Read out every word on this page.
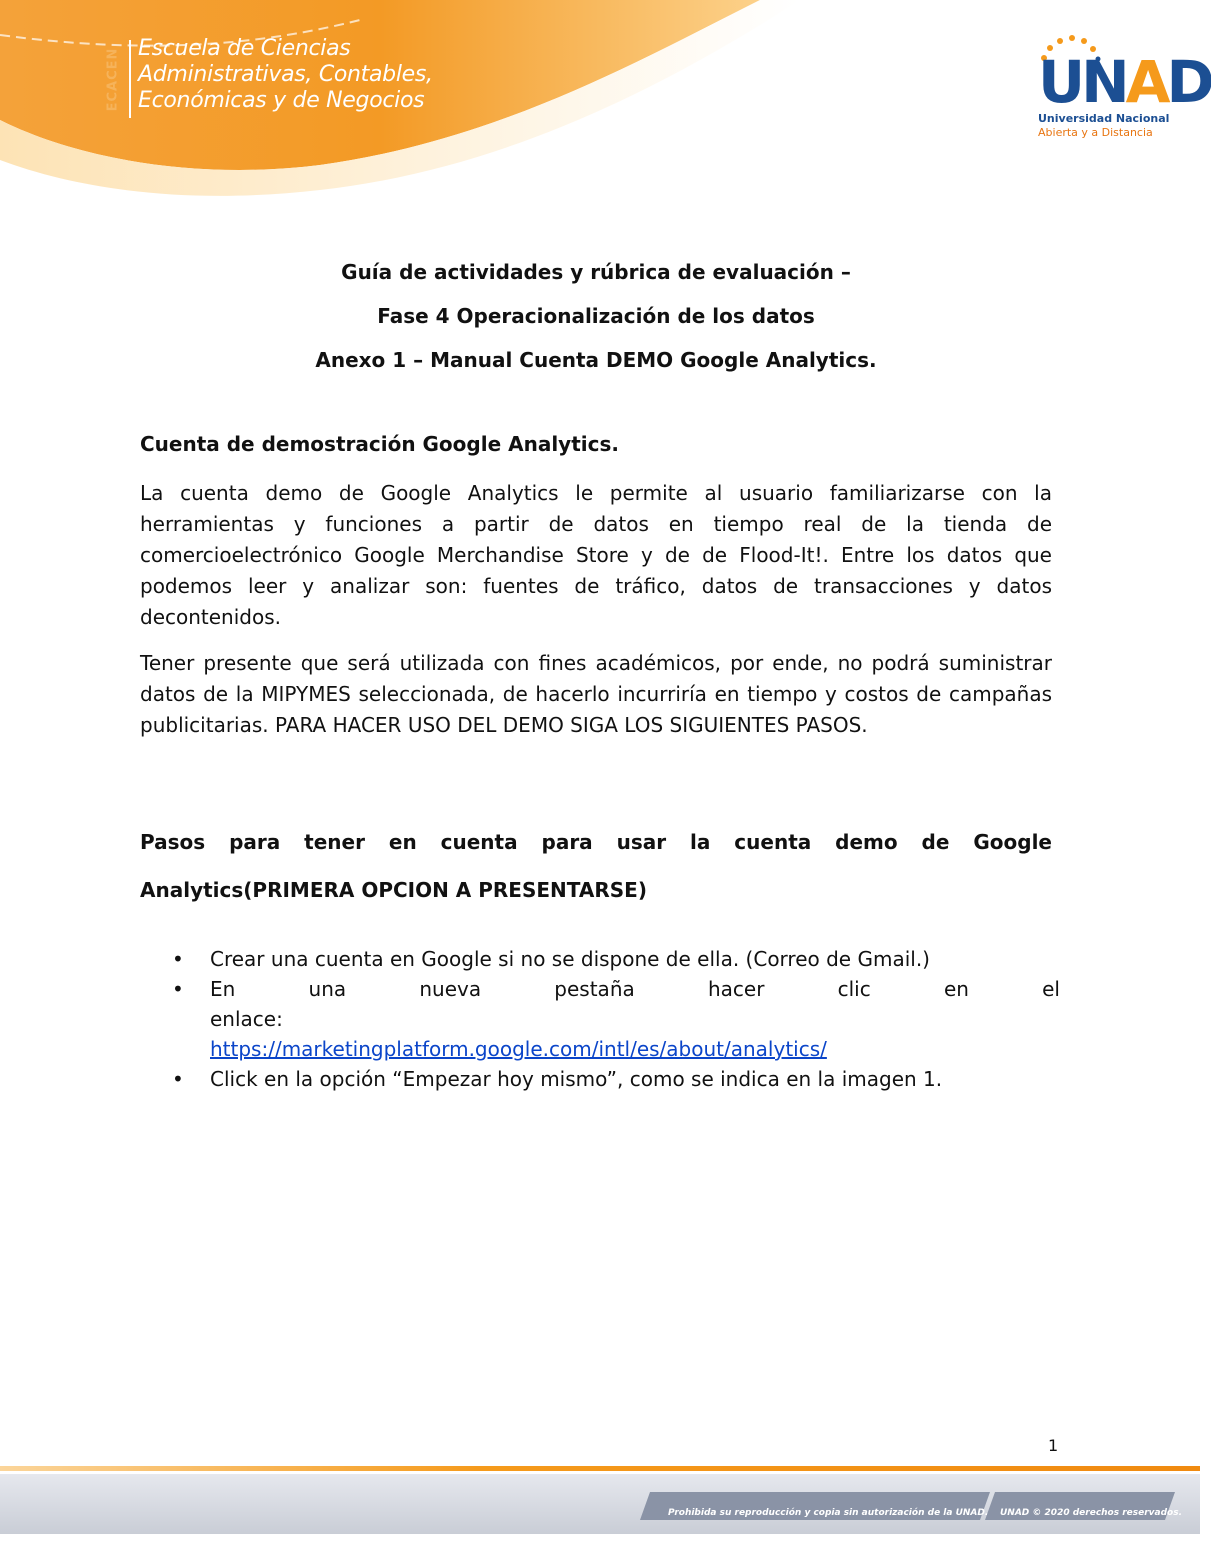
ECACEN Escuela de Ciencias
Administrativas, Contables,
Económicas y de Negocios	UNAD
Universidad Nacional
Abierta y a Distancia
Guía de actividades y rúbrica de evaluación –
Fase 4 Operacionalización de los datos
Anexo 1 – Manual Cuenta DEMO Google Analytics.
Cuenta de demostración Google Analytics.

La cuenta demo de Google Analytics le permite al usuario familiarizarse con la herramientas y funciones a partir de datos en tiempo real de la tienda de comercioelectrónico Google Merchandise Store y de de Flood-It!. Entre los datos que podemos leer y analizar son: fuentes de tráfico, datos de transacciones y datos decontenidos.

Tener presente que será utilizada con fines académicos, por ende, no podrá suministrar datos de la MIPYMES seleccionada, de hacerlo incurriría en tiempo y costos de campañas publicitarias. PARA HACER USO DEL DEMO SIGA LOS SIGUIENTES PASOS.

Pasos para tener en cuenta para usar la cuenta demo de Google Analytics(PRIMERA OPCION A PRESENTARSE)
• Crear una cuenta en Google si no se dispone de ella. (Correo de Gmail.)
• En una nueva pestaña hacer clic en el enlace:
https://marketingplatform.google.com/intl/es/about/analytics/
• Click en la opción “Empezar hoy mismo”, como se indica en la imagen 1.
1
Prohibida su reproducción y copia sin autorización de la UNAD. UNAD © 2020 derechos reservados.
